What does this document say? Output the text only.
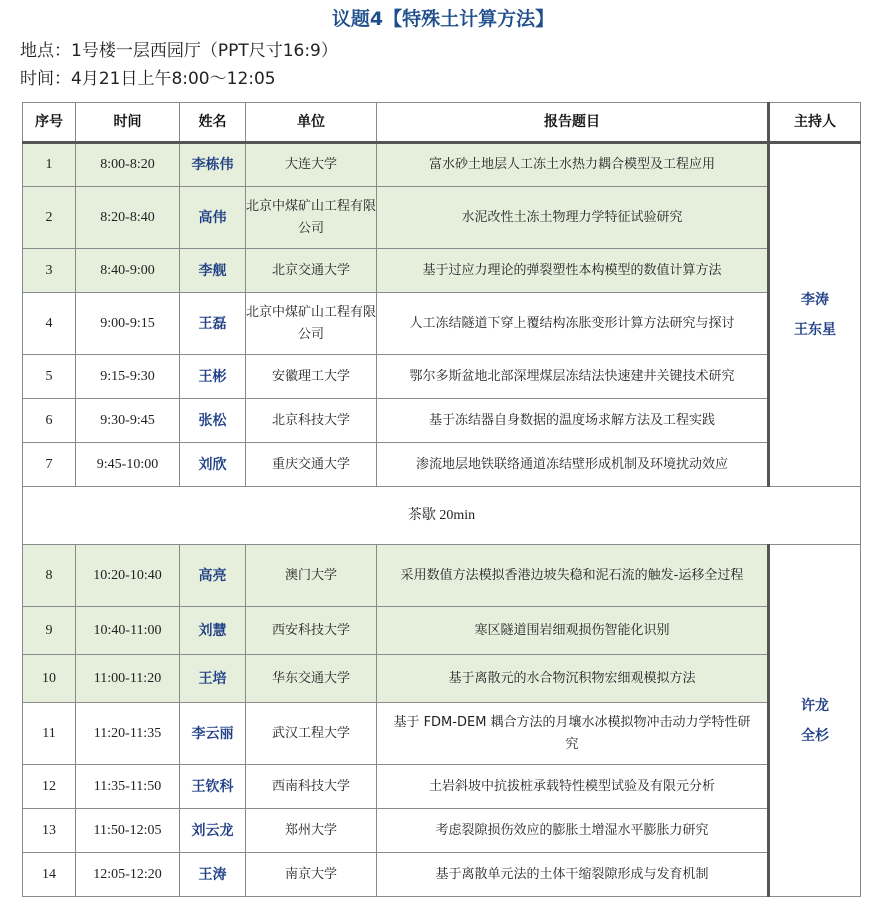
议题4【特殊土计算方法】
地点：1号楼一层西园厅（PPT尺寸16:9）
时间：4月21日上午8:00～12:05
序号	时间	姓名	单位	报告题目	主持人
1	8:00-8:20	李栋伟	大连大学	富水砂土地层人工冻土水热力耦合模型及工程应用	李涛
王东星

2	8:20-8:40	高伟	北京中煤矿山工程有限公司	水泥改性土冻土物理力学特征试验研究	
3	8:40-9:00	李舰	北京交通大学	基于过应力理论的弹裂塑性本构模型的数值计算方法	
4	9:00-9:15	王磊	北京中煤矿山工程有限公司	人工冻结隧道下穿上覆结构冻胀变形计算方法研究与探讨	
5	9:15-9:30	王彬	安徽理工大学	鄂尔多斯盆地北部深埋煤层冻结法快速建井关键技术研究	
6	9:30-9:45	张松	北京科技大学	基于冻结器自身数据的温度场求解方法及工程实践	
7	9:45-10:00	刘欣	重庆交通大学	渗流地层地铁联络通道冻结壁形成机制及环境扰动效应	
茶歇 20min					
8	10:20-10:40	高亮	澳门大学	采用数值方法模拟香港边坡失稳和泥石流的触发-运移全过程	许龙
全杉

9	10:40-11:00	刘慧	西安科技大学	寒区隧道围岩细观损伤智能化识别	
10	11:00-11:20	王培	华东交通大学	基于离散元的水合物沉积物宏细观模拟方法	
11	11:20-11:35	李云丽	武汉工程大学	基于 FDM-DEM 耦合方法的月壤水冰模拟物冲击动力学特性研究	
12	11:35-11:50	王钦科	西南科技大学	土岩斜坡中抗拔桩承载特性模型试验及有限元分析	
13	11:50-12:05	刘云龙	郑州大学	考虑裂隙损伤效应的膨胀土增湿水平膨胀力研究	
14	12:05-12:20	王涛	南京大学	基于离散单元法的土体干缩裂隙形成与发育机制	
